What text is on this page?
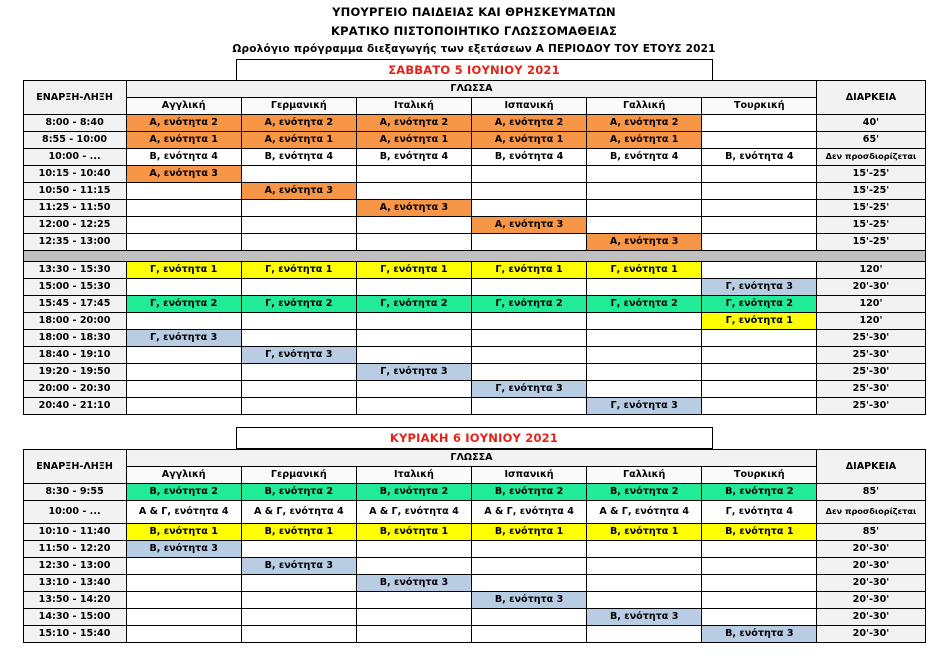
ΥΠΟΥΡΓΕΙΟ ΠΑΙΔΕΙΑΣ ΚΑΙ ΘΡΗΣΚΕΥΜΑΤΩΝ
ΚΡΑΤΙΚΟ ΠΙΣΤΟΠΟΙΗΤΙΚΟ ΓΛΩΣΣΟΜΑΘΕΙΑΣ
Ωρολόγιο πρόγραμμα διεξαγωγής των εξετάσεων Α ΠΕΡΙΟΔΟΥ ΤΟΥ ΕΤΟΥΣ 2021
ΣΑΒΒΑΤΟ 5 ΙΟΥΝΙΟΥ 2021
ΕΝΑΡΞΗ-ΛΗΞΗ	ΓΛΩΣΣΑ						ΔΙΑΡΚΕΙΑ
	Αγγλική	Γερμανική	Ιταλική	Ισπανική	Γαλλική	Τουρκική	
8:00 - 8:40	Α, ενότητα 2	Α, ενότητα 2	Α, ενότητα 2	Α, ενότητα 2	Α, ενότητα 2		40'
8:55 - 10:00	Α, ενότητα 1	Α, ενότητα 1	Α, ενότητα 1	Α, ενότητα 1	Α, ενότητα 1		65'
10:00 - ...	Β, ενότητα 4	Β, ενότητα 4	Β, ενότητα 4	Β, ενότητα 4	Β, ενότητα 4	Β, ενότητα 4	Δεν προσδιορίζεται
10:15 - 10:40	Α, ενότητα 3						15'-25'
10:50 - 11:15		Α, ενότητα 3					15'-25'
11:25 - 11:50			Α, ενότητα 3				15'-25'
12:00 - 12:25				Α, ενότητα 3			15'-25'
12:35 - 13:00					Α, ενότητα 3		15'-25'

13:30 - 15:30	Γ, ενότητα 1	Γ, ενότητα 1	Γ, ενότητα 1	Γ, ενότητα 1	Γ, ενότητα 1		120'
15:00 - 15:30						Γ, ενότητα 3	20'-30'
15:45 - 17:45	Γ, ενότητα 2	Γ, ενότητα 2	Γ, ενότητα 2	Γ, ενότητα 2	Γ, ενότητα 2	Γ, ενότητα 2	120'
18:00 - 20:00						Γ, ενότητα 1	120'
18:00 - 18:30	Γ, ενότητα 3						25'-30'
18:40 - 19:10		Γ, ενότητα 3					25'-30'
19:20 - 19:50			Γ, ενότητα 3				25'-30'
20:00 - 20:30				Γ, ενότητα 3			25'-30'
20:40 - 21:10					Γ, ενότητα 3		25'-30'
ΚΥΡΙΑΚΗ 6 ΙΟΥΝΙΟΥ 2021
ΕΝΑΡΞΗ-ΛΗΞΗ	ΓΛΩΣΣΑ						ΔΙΑΡΚΕΙΑ
	Αγγλική	Γερμανική	Ιταλική	Ισπανική	Γαλλική	Τουρκική	
8:30 - 9:55	Β, ενότητα 2	Β, ενότητα 2	Β, ενότητα 2	Β, ενότητα 2	Β, ενότητα 2	Β, ενότητα 2	85'
10:00 - ...	Α & Γ, ενότητα 4	Α & Γ, ενότητα 4	Α & Γ, ενότητα 4	Α & Γ, ενότητα 4	Α & Γ, ενότητα 4	Γ, ενότητα 4	Δεν προσδιορίζεται
10:10 - 11:40	Β, ενότητα 1	Β, ενότητα 1	Β, ενότητα 1	Β, ενότητα 1	Β, ενότητα 1	Β, ενότητα 1	85'
11:50 - 12:20	Β, ενότητα 3						20'-30'
12:30 - 13:00		Β, ενότητα 3					20'-30'
13:10 - 13:40			Β, ενότητα 3				20'-30'
13:50 - 14:20				Β, ενότητα 3			20'-30'
14:30 - 15:00					Β, ενότητα 3		20'-30'
15:10 - 15:40						Β, ενότητα 3	20'-30'
